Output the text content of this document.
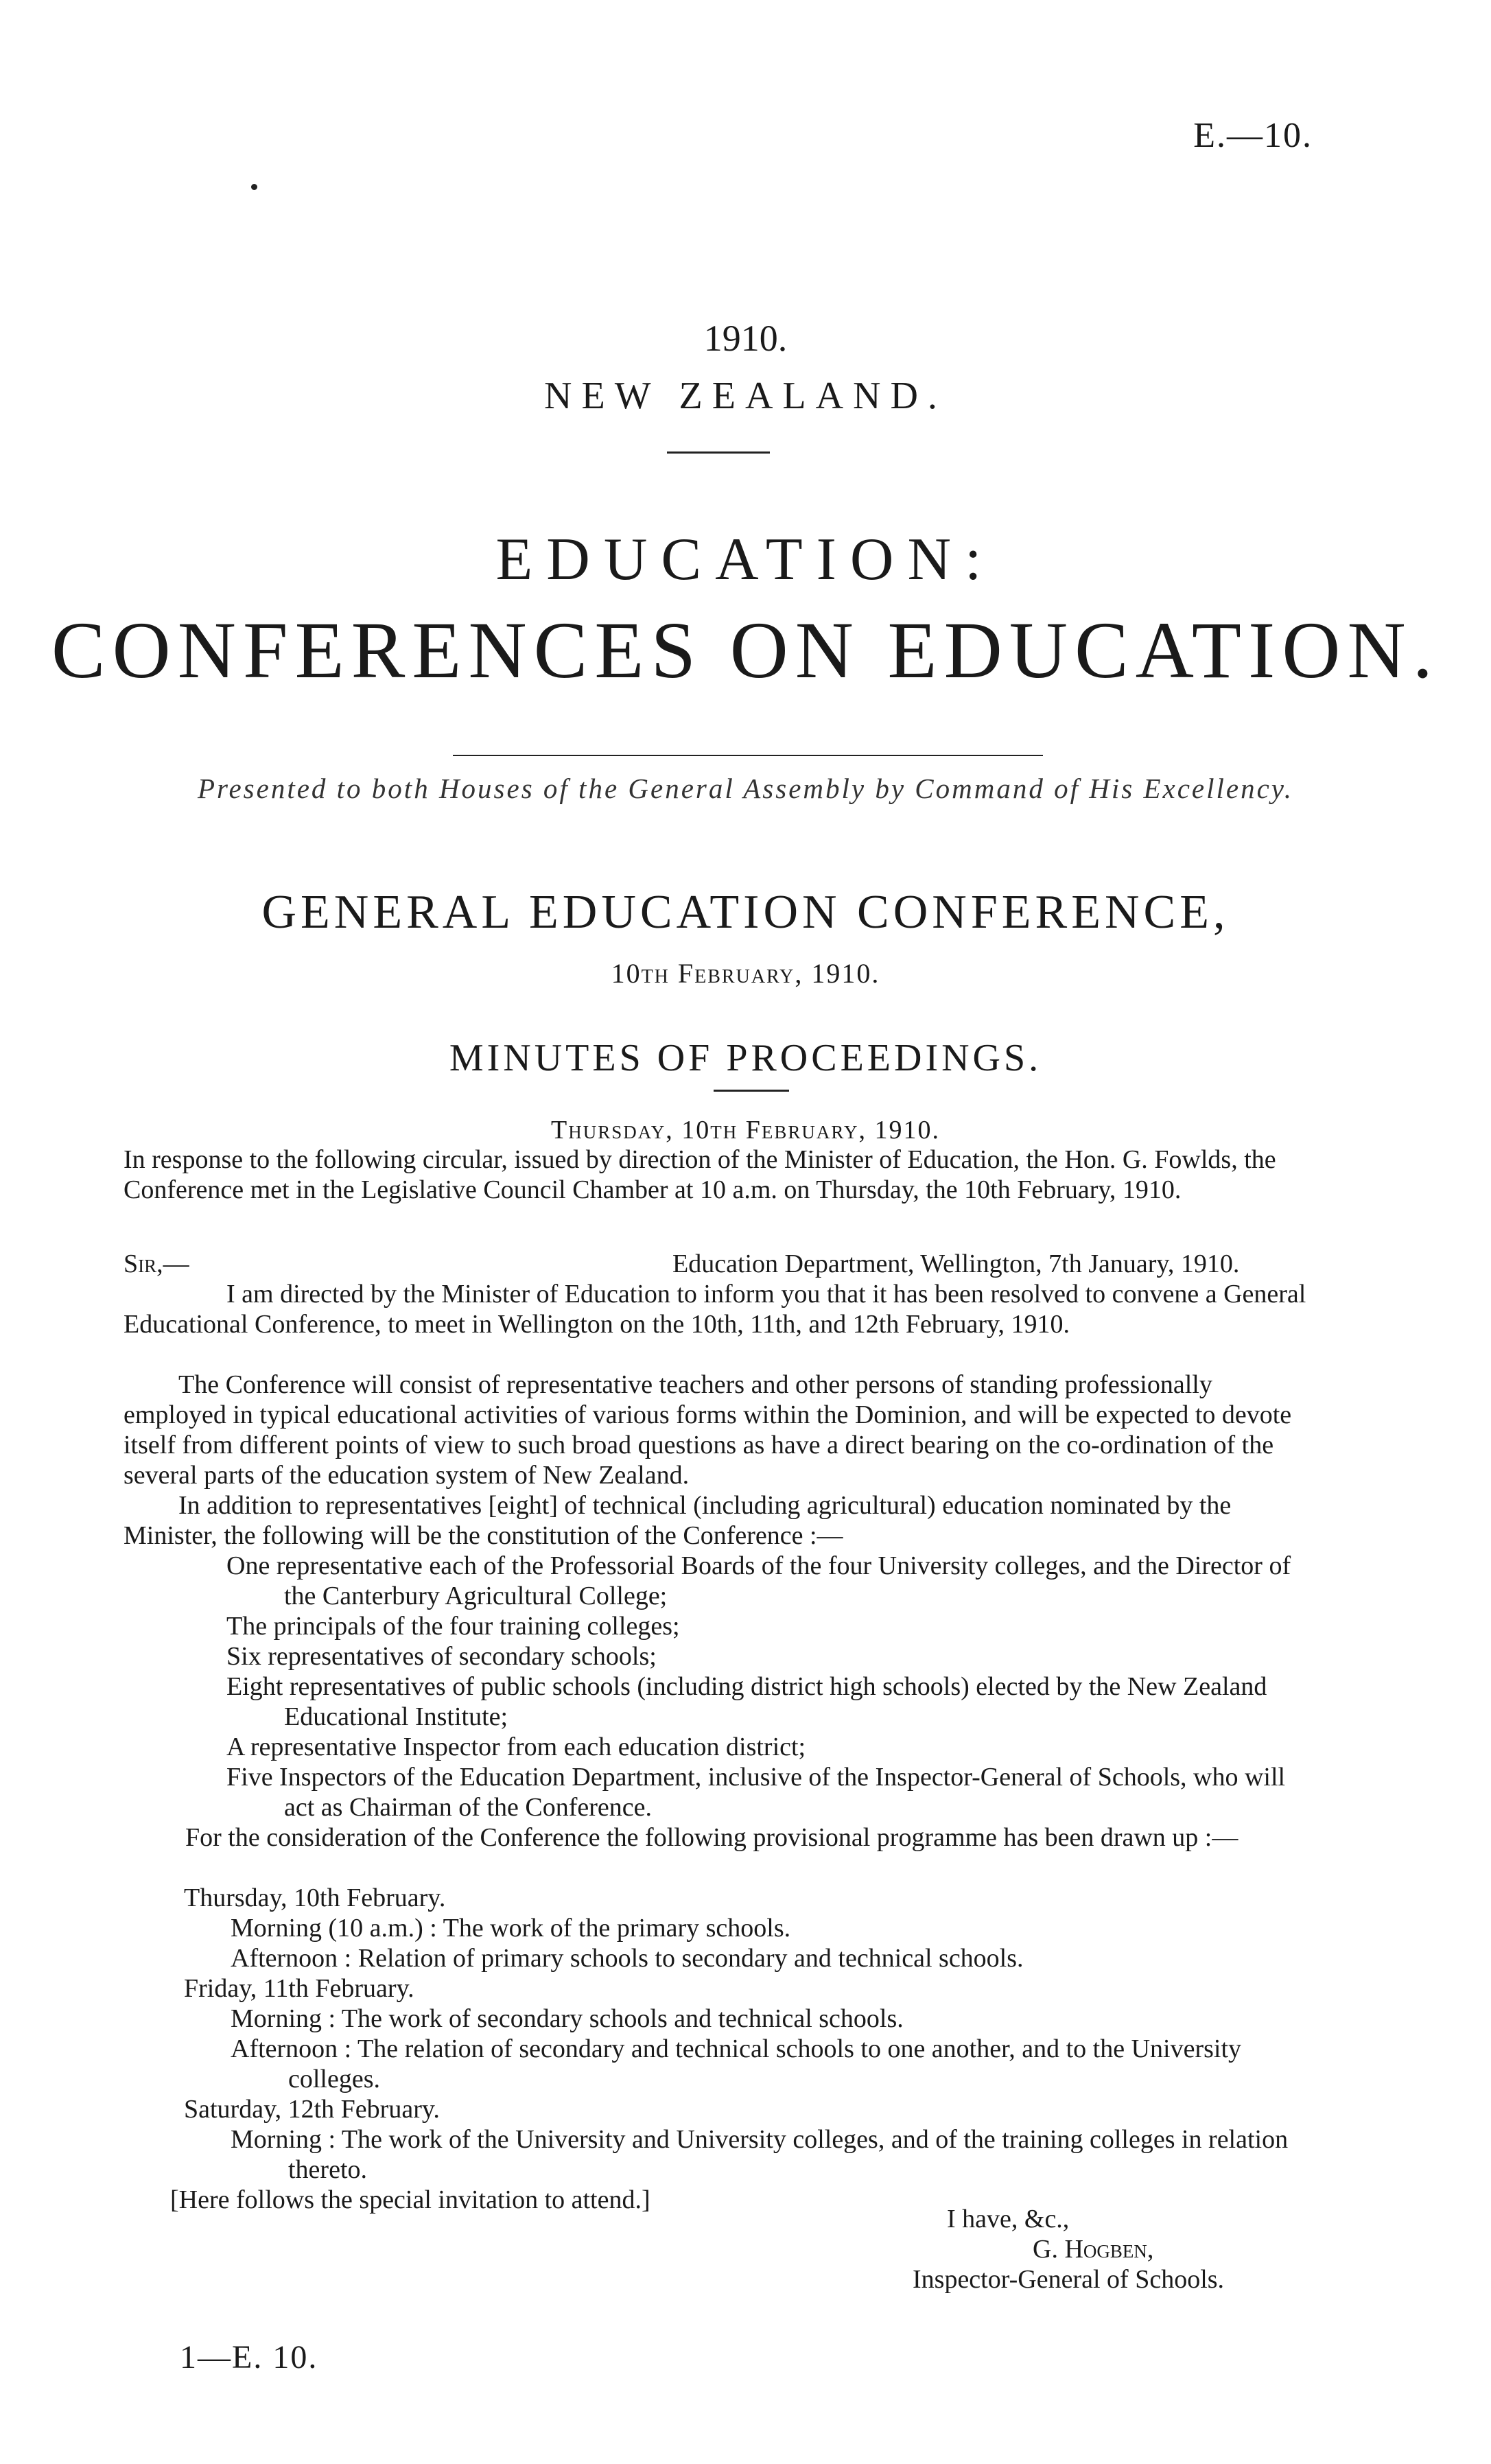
E.—10.
1910.
NEW ZEALAND.
EDUCATION:
CONFERENCES ON EDUCATION.
Presented to both Houses of the General Assembly by Command of His Excellency.
GENERAL EDUCATION CONFERENCE,
10th February, 1910.
MINUTES OF PROCEEDINGS.
Thursday, 10th February, 1910.
In response to the following circular, issued by direction of the Minister of Education, the Hon. G. Fowlds, the Conference met in the Legislative Council Chamber at 10 a.m. on Thursday, the 10th February, 1910.
Sir,—	Education Department, Wellington, 7th January, 1910.
I am directed by the Minister of Education to inform you that it has been resolved to convene a General Educational Conference, to meet in Wellington on the 10th, 11th, and 12th February, 1910.
The Conference will consist of representative teachers and other persons of standing professionally employed in typical educational activities of various forms within the Dominion, and will be expected to devote itself from different points of view to such broad questions as have a direct bearing on the co-ordination of the several parts of the education system of New Zealand.
In addition to representatives [eight] of technical (including agricultural) education nominated by the Minister, the following will be the constitution of the Conference :—
One representative each of the Professorial Boards of the four University colleges, and the Director of the Canterbury Agricultural College;
The principals of the four training colleges;
Six representatives of secondary schools;
Eight representatives of public schools (including district high schools) elected by the New Zealand Educational Institute;
A representative Inspector from each education district;
Five Inspectors of the Education Department, inclusive of the Inspector-General of Schools, who will act as Chairman of the Conference.
For the consideration of the Conference the following provisional programme has been drawn up :—
Thursday, 10th February.
Morning (10 a.m.) : The work of the primary schools.
Afternoon : Relation of primary schools to secondary and technical schools.
Friday, 11th February.
Morning : The work of secondary schools and technical schools.
Afternoon : The relation of secondary and technical schools to one another, and to the University colleges.
Saturday, 12th February.
Morning : The work of the University and University colleges, and of the training colleges in relation thereto.
[Here follows the special invitation to attend.]
I have, &c.,
G. Hogben,
Inspector-General of Schools.
1—E. 10.
